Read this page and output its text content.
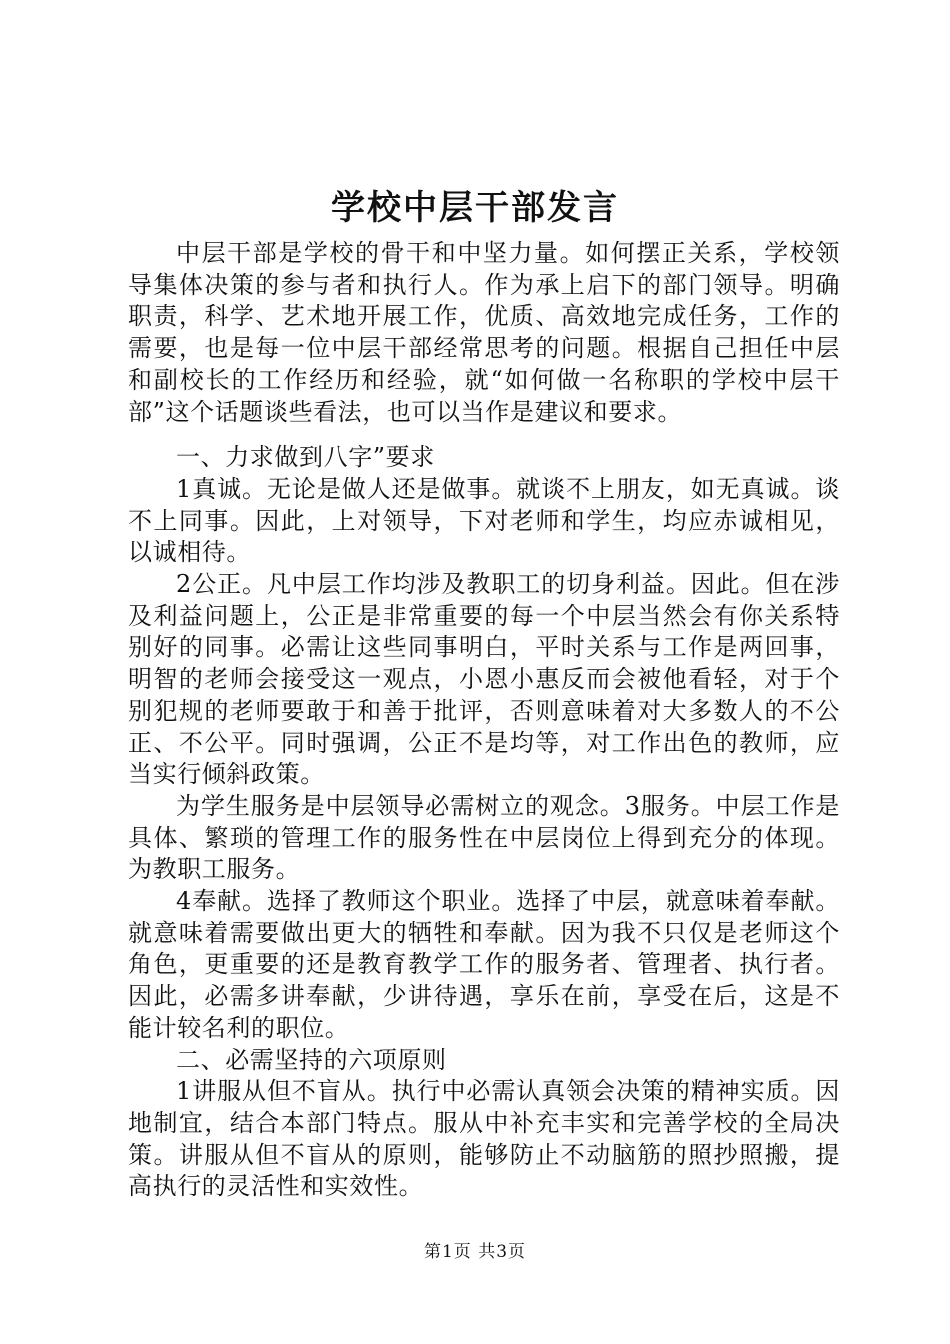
学校中层干部发言

中层干部是学校的骨干和中坚力量。如何摆正关系，学校领导集体决策的参与者和执行人。作为承上启下的部门领导。明确职责，科学、艺术地开展工作，优质、高效地完成任务，工作的需要，也是每一位中层干部经常思考的问题。根据自己担任中层和副校长的工作经历和经验，就“如何做一名称职的学校中层干部”这个话题谈些看法，也可以当作是建议和要求。

一、力求做到八字”要求

1真诚。无论是做人还是做事。就谈不上朋友，如无真诚。谈不上同事。因此，上对领导，下对老师和学生，均应赤诚相见，以诚相待。

2公正。凡中层工作均涉及教职工的切身利益。因此。但在涉及利益问题上，公正是非常重要的每一个中层当然会有你关系特别好的同事。必需让这些同事明白，平时关系与工作是两回事，明智的老师会接受这一观点，小恩小惠反而会被他看轻，对于个别犯规的老师要敢于和善于批评，否则意味着对大多数人的不公正、不公平。同时强调，公正不是均等，对工作出色的教师，应当实行倾斜政策。

为学生服务是中层领导必需树立的观念。3服务。中层工作是具体、繁琐的管理工作的服务性在中层岗位上得到充分的体现。为教职工服务。

4奉献。选择了教师这个职业。选择了中层，就意味着奉献。就意味着需要做出更大的牺牲和奉献。因为我不只仅是老师这个角色，更重要的还是教育教学工作的服务者、管理者、执行者。因此，必需多讲奉献，少讲待遇，享乐在前，享受在后，这是不能计较名利的职位。

二、必需坚持的六项原则

1讲服从但不盲从。执行中必需认真领会决策的精神实质。因地制宜，结合本部门特点。服从中补充丰实和完善学校的全局决策。讲服从但不盲从的原则，能够防止不动脑筋的照抄照搬，提高执行的灵活性和实效性。

第1页 共3页
